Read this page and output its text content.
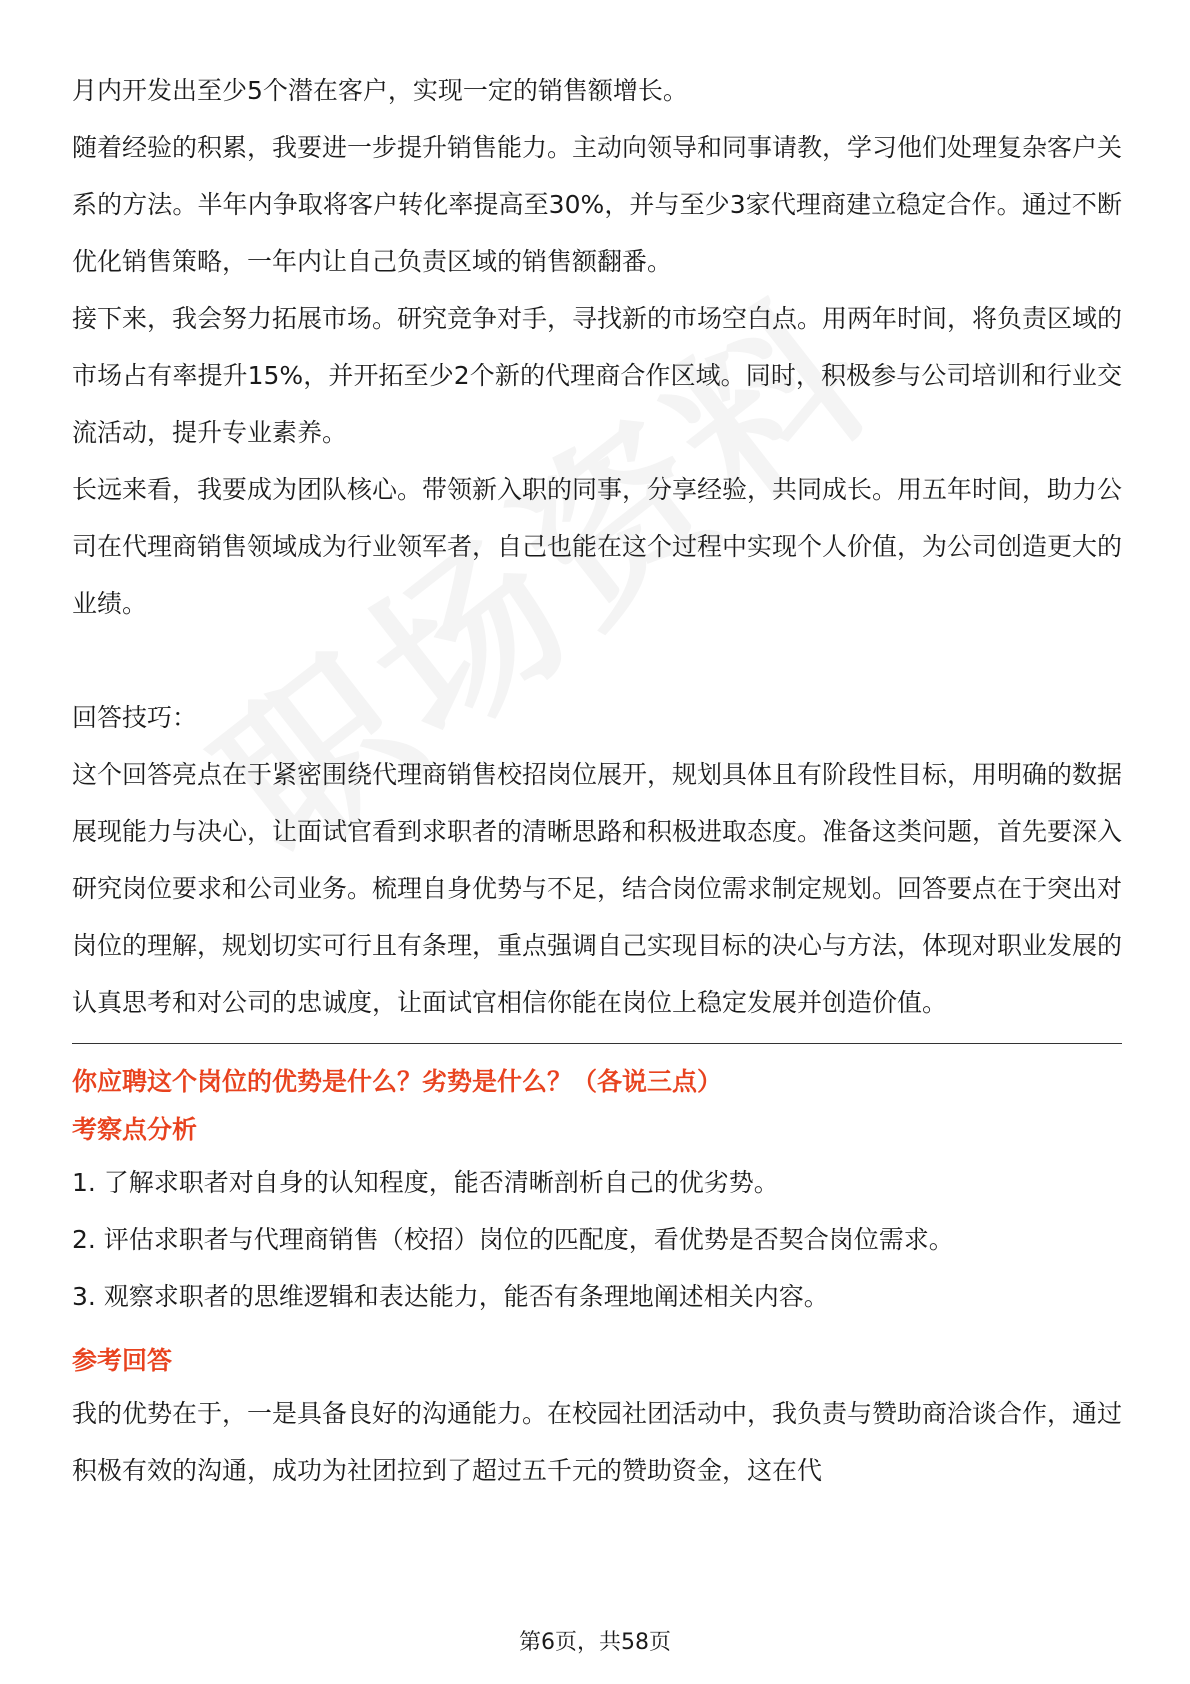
月内开发出至少5个潜在客户，实现一定的销售额增长。

随着经验的积累，我要进一步提升销售能力。主动向领导和同事请教，学习他们处理复杂客户关系的方法。半年内争取将客户转化率提高至30%，并与至少3家代理商建立稳定合作。通过不断优化销售策略，一年内让自己负责区域的销售额翻番。

接下来，我会努力拓展市场。研究竞争对手，寻找新的市场空白点。用两年时间，将负责区域的市场占有率提升15%，并开拓至少2个新的代理商合作区域。同时，积极参与公司培训和行业交流活动，提升专业素养。

长远来看，我要成为团队核心。带领新入职的同事，分享经验，共同成长。用五年时间，助力公司在代理商销售领域成为行业领军者，自己也能在这个过程中实现个人价值，为公司创造更大的业绩。

回答技巧：

这个回答亮点在于紧密围绕代理商销售校招岗位展开，规划具体且有阶段性目标，用明确的数据展现能力与决心，让面试官看到求职者的清晰思路和积极进取态度。准备这类问题，首先要深入研究岗位要求和公司业务。梳理自身优势与不足，结合岗位需求制定规划。回答要点在于突出对岗位的理解，规划切实可行且有条理，重点强调自己实现目标的决心与方法，体现对职业发展的认真思考和对公司的忠诚度，让面试官相信你能在岗位上稳定发展并创造价值。

你应聘这个岗位的优势是什么？劣势是什么？（各说三点）

考察点分析

1. 了解求职者对自身的认知程度，能否清晰剖析自己的优劣势。

2. 评估求职者与代理商销售（校招）岗位的匹配度，看优势是否契合岗位需求。

3. 观察求职者的思维逻辑和表达能力，能否有条理地阐述相关内容。

参考回答

我的优势在于，一是具备良好的沟通能力。在校园社团活动中，我负责与赞助商洽谈合作，通过积极有效的沟通，成功为社团拉到了超过五千元的赞助资金，这在代

第6页，共58页
